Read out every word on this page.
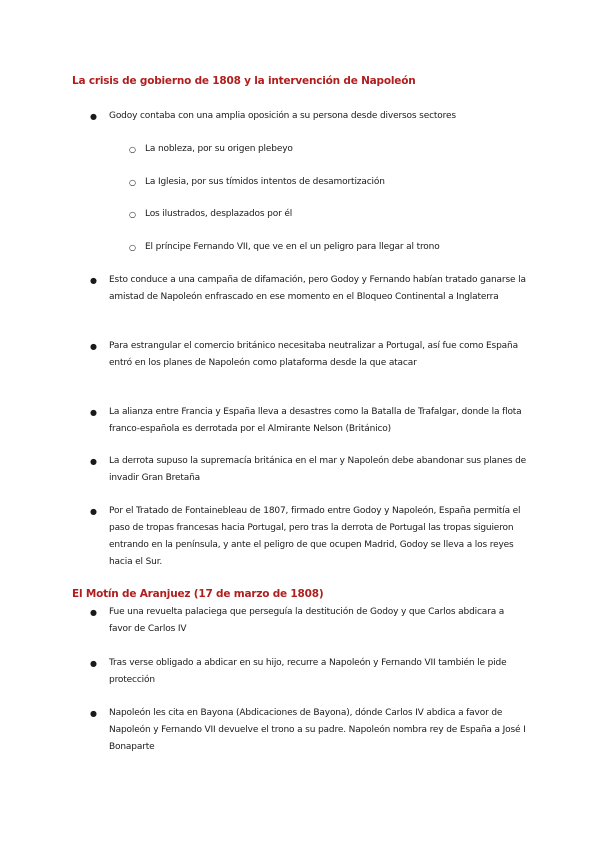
La crisis de gobierno de 1808 y la intervención de Napoleón
● Godoy contaba con una amplia oposición a su persona desde diversos sectores
○ La nobleza, por su origen plebeyo
○ La Iglesia, por sus tímidos intentos de desamortización
○ Los ilustrados, desplazados por él
○ El príncipe Fernando VII, que ve en el un peligro para llegar al trono
● Esto conduce a una campaña de difamación, pero Godoy y Fernando habían tratado ganarse la amistad de Napoleón enfrascado en ese momento en el Bloqueo Continental a Inglaterra
● Para estrangular el comercio británico necesitaba neutralizar a Portugal, así fue como España entró en los planes de Napoleón como plataforma desde la que atacar
● La alianza entre Francia y España lleva a desastres como la Batalla de Trafalgar, donde la flota franco-española es derrotada por el Almirante Nelson (Británico)
● La derrota supuso la supremacía británica en el mar y Napoleón debe abandonar sus planes de invadir Gran Bretaña
● Por el Tratado de Fontainebleau de 1807, firmado entre Godoy y Napoleón, España permitía el paso de tropas francesas hacia Portugal, pero tras la derrota de Portugal las tropas siguieron entrando en la península, y ante el peligro de que ocupen Madrid, Godoy se lleva a los reyes hacia el Sur.
El Motín de Aranjuez (17 de marzo de 1808)
● Fue una revuelta palaciega que perseguía la destitución de Godoy y que Carlos abdicara a favor de Carlos IV
● Tras verse obligado a abdicar en su hijo, recurre a Napoleón y Fernando VII también le pide protección
● Napoleón les cita en Bayona (Abdicaciones de Bayona), dónde Carlos IV abdica a favor de Napoleón y Fernando VII devuelve el trono a su padre. Napoleón nombra rey de España a José I Bonaparte
